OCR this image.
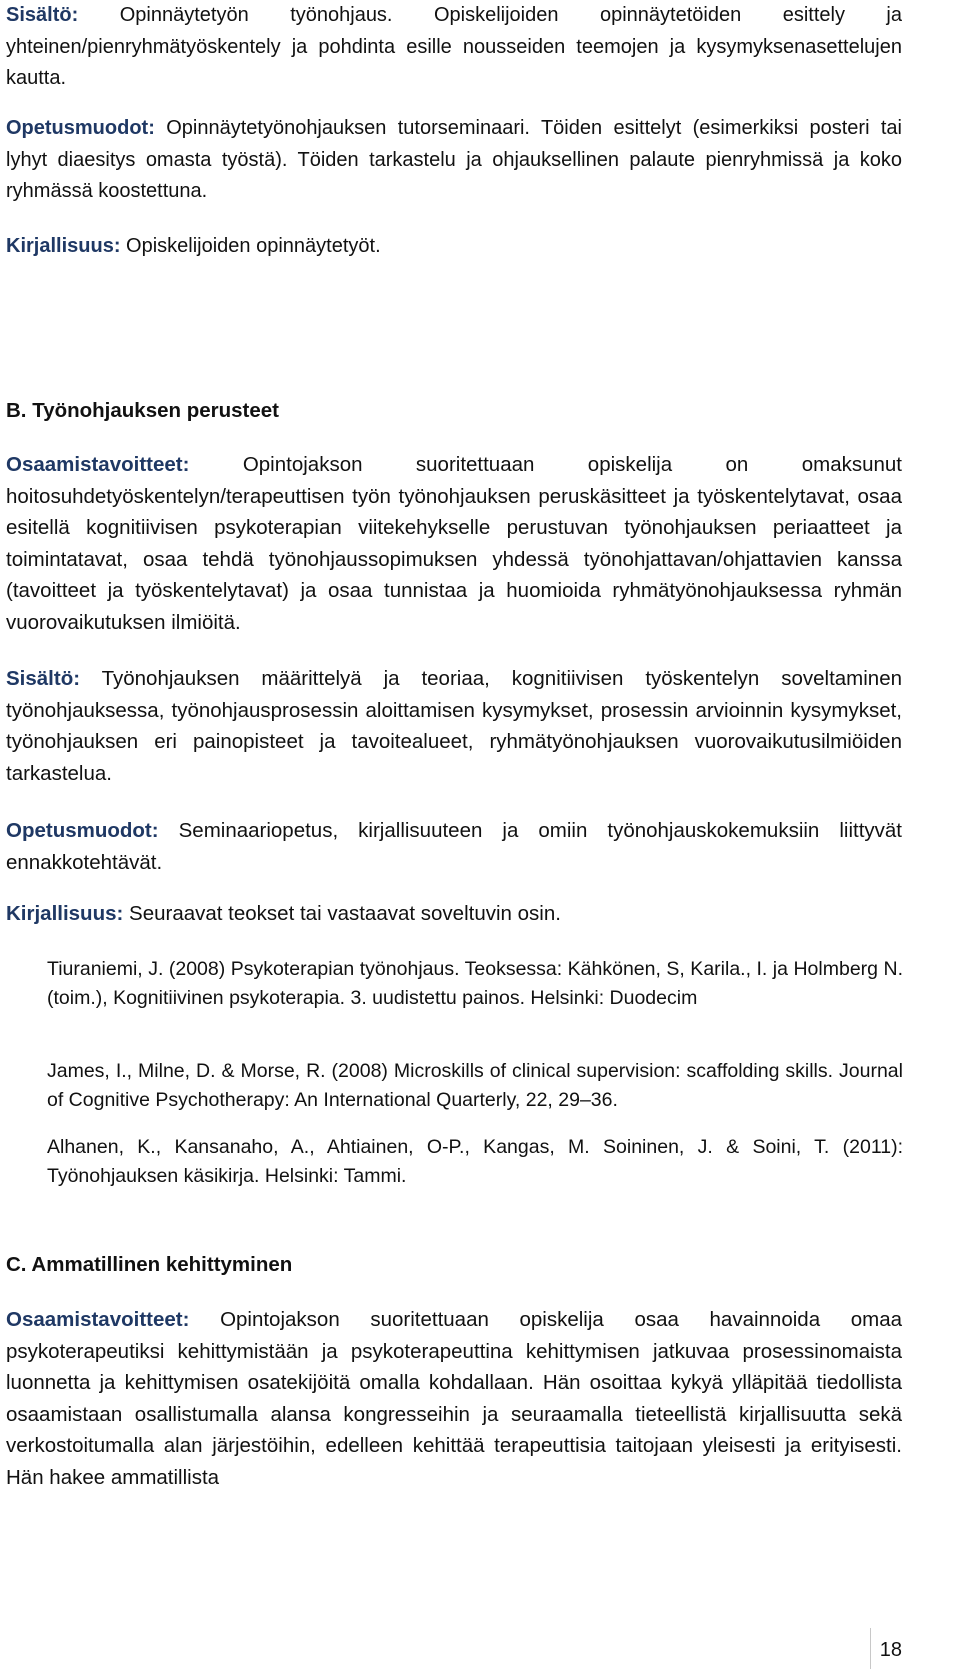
Sisältö: Opinnäytetyön työnohjaus. Opiskelijoiden opinnäytetöiden esittely ja yhteinen/pienryhmätyöskentely ja pohdinta esille nousseiden teemojen ja kysymyksenasettelujen kautta.

Opetusmuodot: Opinnäytetyönohjauksen tutorseminaari. Töiden esittelyt (esimerkiksi posteri tai lyhyt diaesitys omasta työstä). Töiden tarkastelu ja ohjauksellinen palaute pienryhmissä ja koko ryhmässä koostettuna.

Kirjallisuus: Opiskelijoiden opinnäytetyöt.

B. Työnohjauksen perusteet

Osaamistavoitteet: Opintojakson suoritettuaan opiskelija on omaksunut hoitosuhdetyöskentelyn/terapeuttisen työn työnohjauksen peruskäsitteet ja työskentelytavat, osaa esitellä kognitiivisen psykoterapian viitekehykselle perustuvan työnohjauksen periaatteet ja toimintatavat, osaa tehdä työnohjaussopimuksen yhdessä työnohjattavan/ohjattavien kanssa (tavoitteet ja työskentelytavat) ja osaa tunnistaa ja huomioida ryhmätyönohjauksessa ryhmän vuorovaikutuksen ilmiöitä.

Sisältö: Työnohjauksen määrittelyä ja teoriaa, kognitiivisen työskentelyn soveltaminen työnohjauksessa, työnohjausprosessin aloittamisen kysymykset, prosessin arvioinnin kysymykset, työnohjauksen eri painopisteet ja tavoitealueet, ryhmätyönohjauksen vuorovaikutusilmiöiden tarkastelua.

Opetusmuodot: Seminaariopetus, kirjallisuuteen ja omiin työnohjauskokemuksiin liittyvät ennakkotehtävät.

Kirjallisuus: Seuraavat teokset tai vastaavat soveltuvin osin.

Tiuraniemi, J. (2008) Psykoterapian työnohjaus. Teoksessa: Kähkönen, S, Karila., I. ja Holmberg N. (toim.), Kognitiivinen psykoterapia. 3. uudistettu painos. Helsinki: Duodecim

James, I., Milne, D. & Morse, R. (2008) Microskills of clinical supervision: scaffolding skills. Journal of Cognitive Psychotherapy: An International Quarterly, 22, 29–36.

Alhanen, K., Kansanaho, A., Ahtiainen, O-P., Kangas, M. Soininen, J. & Soini, T. (2011): Työnohjauksen käsikirja. Helsinki: Tammi.

C. Ammatillinen kehittyminen

Osaamistavoitteet: Opintojakson suoritettuaan opiskelija osaa havainnoida omaa psykoterapeutiksi kehittymistään ja psykoterapeuttina kehittymisen jatkuvaa prosessinomaista luonnetta ja kehittymisen osatekijöitä omalla kohdallaan. Hän osoittaa kykyä ylläpitää tiedollista osaamistaan osallistumalla alansa kongresseihin ja seuraamalla tieteellistä kirjallisuutta sekä verkostoitumalla alan järjestöihin, edelleen kehittää terapeuttisia taitojaan yleisesti ja erityisesti. Hän hakee ammatillista

18
